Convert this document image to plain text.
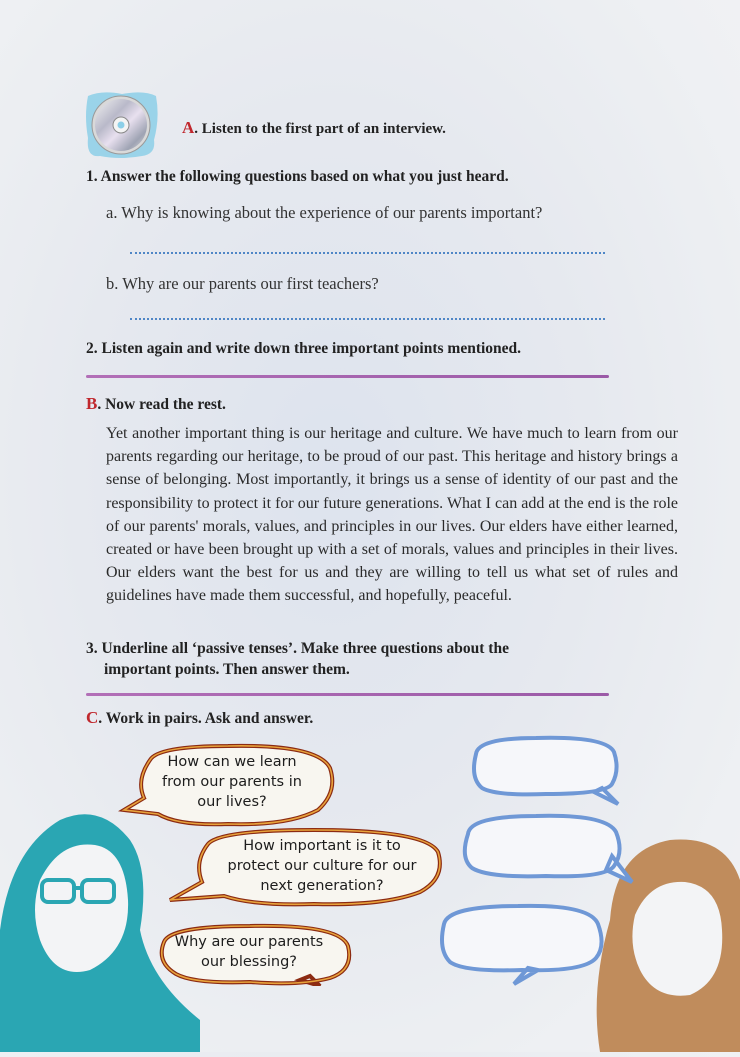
A. Listen to the first part of an interview.
1. Answer the following questions based on what you just heard.
a. Why is knowing about the experience of our parents important?
b. Why are our parents our first teachers?
2. Listen again and write down three important points mentioned.
B. Now read the rest.
Yet another important thing is our heritage and culture. We have much to learn from our parents regarding our heritage, to be proud of our past. This heritage and history brings a sense of belonging. Most importantly, it brings us a sense of identity of our past and the responsibility to protect it for our future generations. What I can add at the end is the role of our parents' morals, values, and principles in our lives. Our elders have either learned, created or have been brought up with a set of morals, values and principles in their lives. Our elders want the best for us and they are willing to tell us what set of rules and guidelines have made them successful, and hopefully, peaceful.
3. Underline all ‘passive tenses’. Make three questions about the
important points. Then answer them.
C. Work in pairs. Ask and answer.
How can we learn
from our parents in
our lives?
How important is it to
protect our culture for our
next generation?
Why are our parents
our blessing?
